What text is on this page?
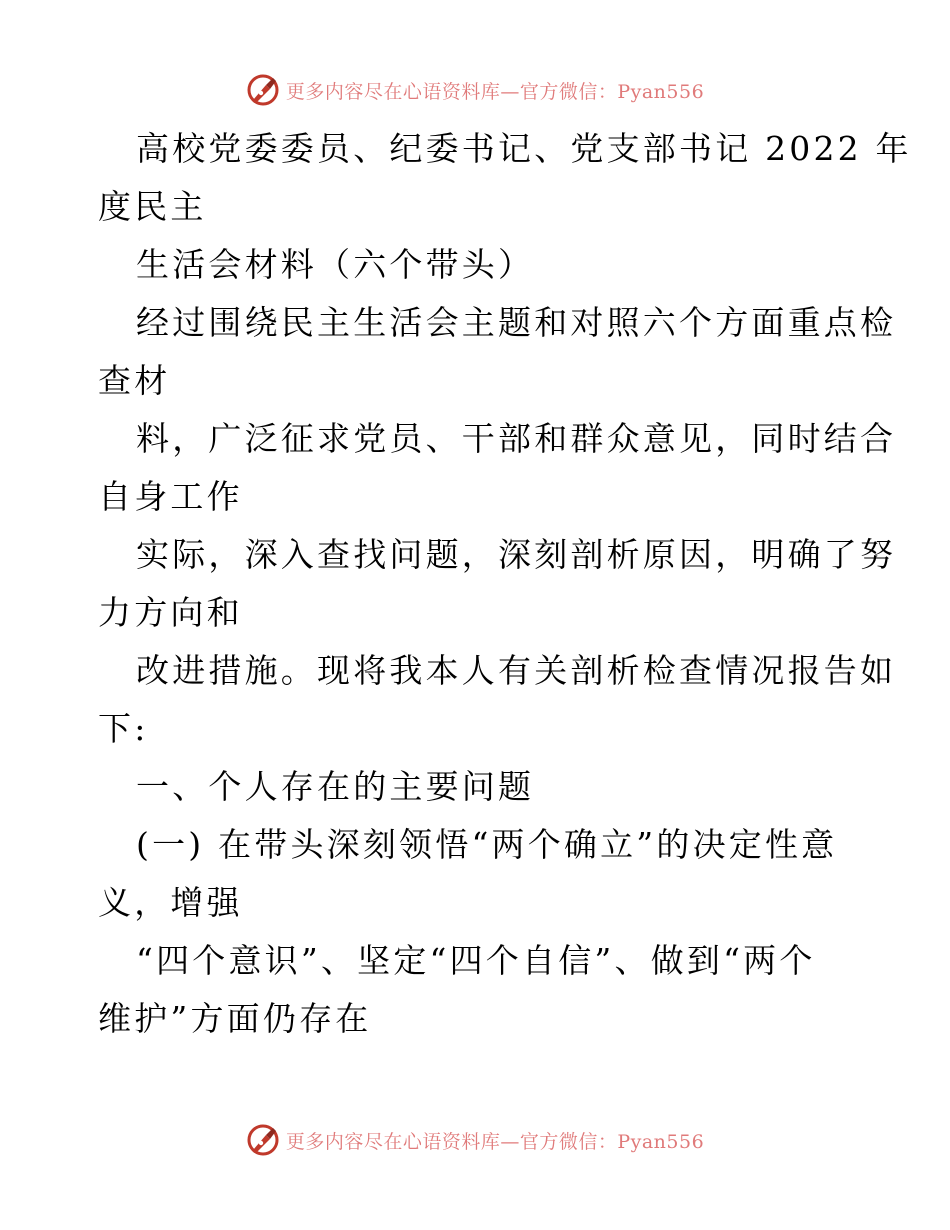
更多内容尽在心语资料库—官方微信：Pyan556
高校党委委员、纪委书记、党支部书记 2022 年
度民主
生活会材料（六个带头）
经过围绕民主生活会主题和对照六个方面重点检
查材
料，广泛征求党员、干部和群众意见，同时结合
自身工作
实际，深入查找问题，深刻剖析原因，明确了努
力方向和
改进措施。现将我本人有关剖析检查情况报告如
下:
一、个人存在的主要问题
(一) 在带头深刻领悟“两个确立”的决定性意
义，增强
“四个意识”、坚定“四个自信”、做到“两个
维护”方面仍存在
更多内容尽在心语资料库—官方微信：Pyan556
